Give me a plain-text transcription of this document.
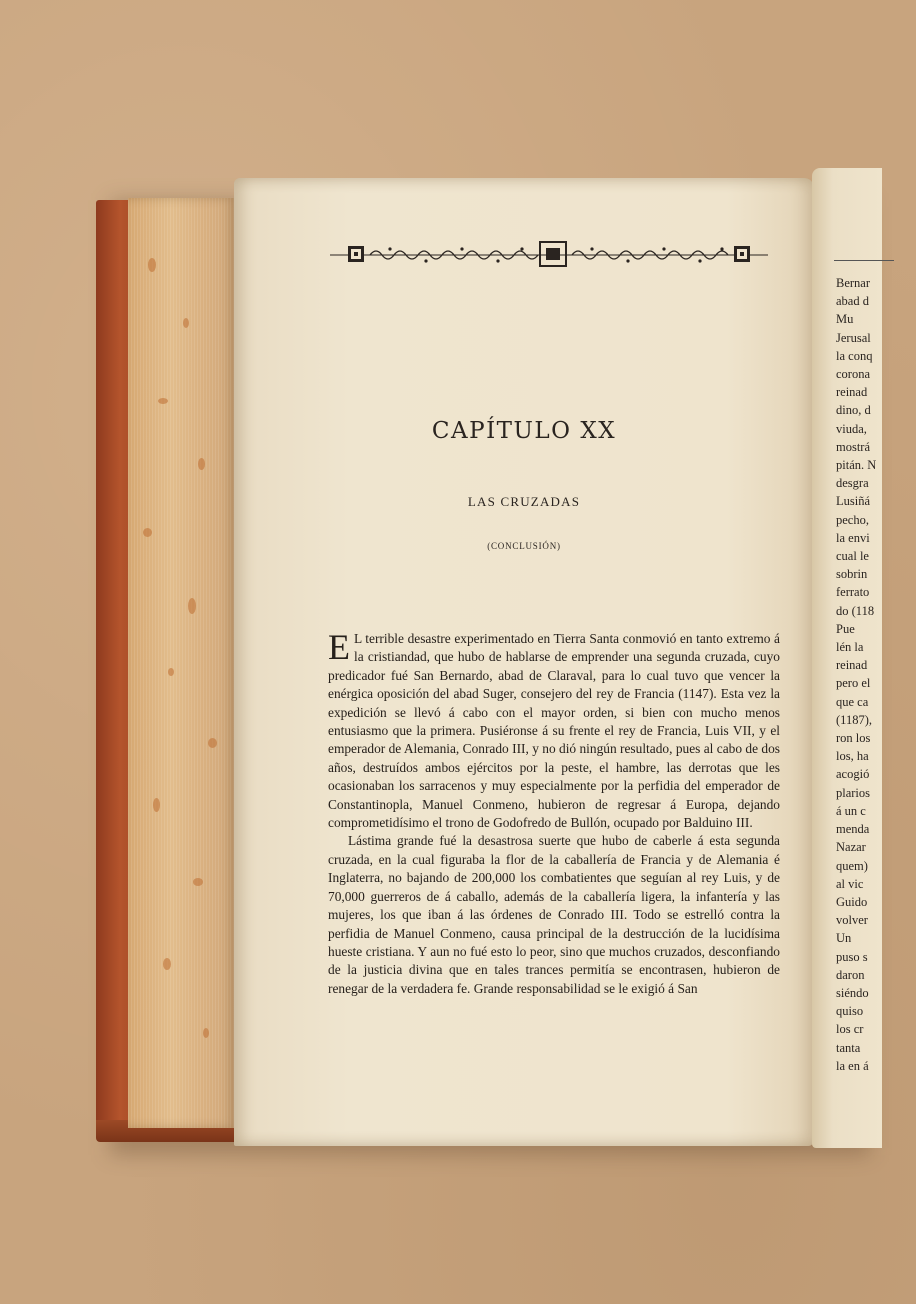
Bernar
abad d
Mu
Jerusal
la conq
corona
reinad
dino, d
viuda,
mostrá
pitán. N
desgra
Lusiñá
pecho,
la envi
cual le
sobrin
ferrato
do (118
Pue
lén la
reinad
pero el
que ca
(1187),
ron los
los, ha
acogió
plarios
á un c
menda
Nazar
quem)
al vic
Guido
volver
Un
puso s
daron
siéndo
quiso
los cr
tanta
la en á
CAPÍTULO XX
LAS CRUZADAS
(CONCLUSIÓN)

E L terrible desastre experimentado en Tierra Santa conmovió en tanto extremo á la cristiandad, que hubo de hablarse de emprender una segunda cruzada, cuyo predicador fué San Bernardo, abad de Claraval, para lo cual tuvo que vencer la enérgica oposición del abad Suger, consejero del rey de Francia (1147). Esta vez la expedición se llevó á cabo con el mayor orden, si bien con mucho menos entusiasmo que la primera. Pusiéronse á su frente el rey de Francia, Luis VII, y el emperador de Alemania, Conrado III, y no dió ningún resultado, pues al cabo de dos años, destruídos ambos ejércitos por la peste, el hambre, las derrotas que les ocasionaban los sarracenos y muy especialmente por la perfidia del emperador de Constantinopla, Manuel Conmeno, hubieron de regresar á Europa, dejando comprometidísimo el trono de Godofredo de Bullón, ocupado por Balduino III.

Lástima grande fué la desastrosa suerte que hubo de caberle á esta segunda cruzada, en la cual figuraba la flor de la caballería de Francia y de Alemania é Inglaterra, no bajando de 200,000 los combatientes que seguían al rey Luis, y de 70,000 guerreros de á caballo, además de la caballería ligera, la infantería y las mujeres, los que iban á las órdenes de Conrado III. Todo se estrelló contra la perfidia de Manuel Conmeno, causa principal de la destrucción de la lucidísima hueste cristiana. Y aun no fué esto lo peor, sino que muchos cruzados, desconfiando de la justicia divina que en tales trances permitía se encontrasen, hubieron de renegar de la verdadera fe. Grande responsabilidad se le exigió á San
